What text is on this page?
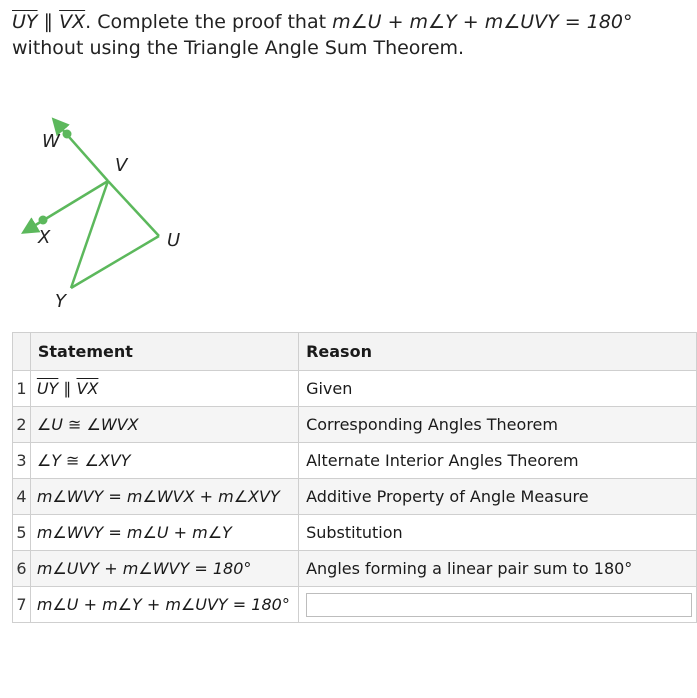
$\overline{UY}$ ∥ $\overline{VX}$. Complete the proof that m∠U + m∠Y + m∠UVY = 180° without using the Triangle Angle Sum Theorem.
W
V
X	U
Y
	Statement	Reason
1	$\overline{UY}$ ∥ $\overline{VX}$	Given
2	∠U ≅ ∠WVX	Corresponding Angles Theorem
3	∠Y ≅ ∠XVY	Alternate Interior Angles Theorem
4	m∠WVY = m∠WVX + m∠XVY	Additive Property of Angle Measure
5	m∠WVY = m∠U + m∠Y	Substitution
6	m∠UVY + m∠WVY = 180°	Angles forming a linear pair sum to 180°
7	m∠U + m∠Y + m∠UVY = 180°	
